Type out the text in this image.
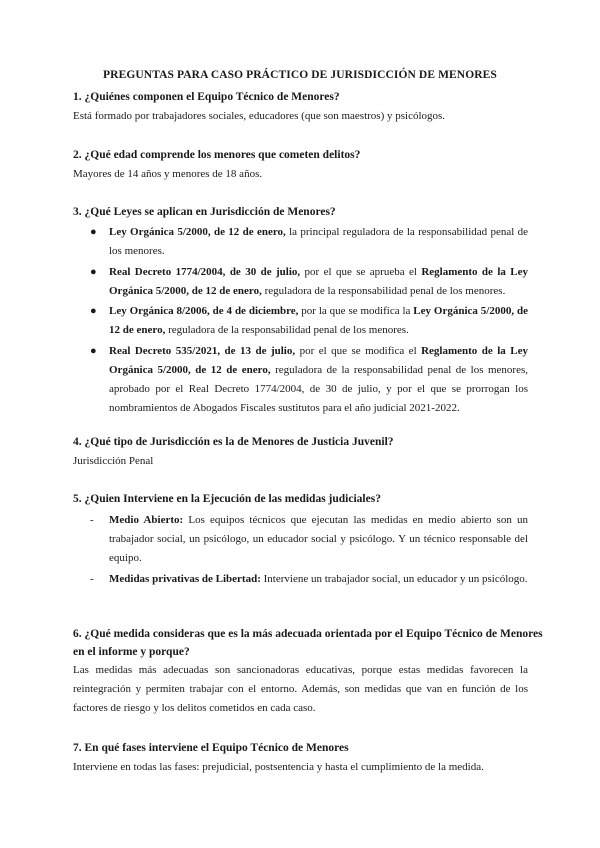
PREGUNTAS PARA CASO PRÁCTICO DE JURISDICCIÓN DE MENORES
1. ¿Quiénes componen el Equipo Técnico de Menores?
Está formado por trabajadores sociales, educadores (que son maestros) y psicólogos.
2. ¿Qué edad comprende los menores que cometen delitos?
Mayores de 14 años y menores de 18 años.
3. ¿Qué Leyes se aplican en Jurisdicción de Menores?
● Ley Orgánica 5/2000, de 12 de enero, la principal reguladora de la responsabilidad penal de los menores.
● Real Decreto 1774/2004, de 30 de julio, por el que se aprueba el Reglamento de la Ley Orgánica 5/2000, de 12 de enero, reguladora de la responsabilidad penal de los menores.
● Ley Orgánica 8/2006, de 4 de diciembre, por la que se modifica la Ley Orgánica 5/2000, de 12 de enero, reguladora de la responsabilidad penal de los menores.
● Real Decreto 535/2021, de 13 de julio, por el que se modifica el Reglamento de la Ley Orgánica 5/2000, de 12 de enero, reguladora de la responsabilidad penal de los menores, aprobado por el Real Decreto 1774/2004, de 30 de julio, y por el que se prorrogan los nombramientos de Abogados Fiscales sustitutos para el año judicial 2021-2022.
4. ¿Qué tipo de Jurisdicción es la de Menores de Justicia Juvenil?
Jurisdicción Penal
5. ¿Quien Interviene en la Ejecución de las medidas judiciales?
- Medio Abierto: Los equipos técnicos que ejecutan las medidas en medio abierto son un trabajador social, un psicólogo, un educador social y psicólogo. Y un técnico responsable del equipo.
- Medidas privativas de Libertad: Interviene un trabajador social, un educador y un psicólogo.
6. ¿Qué medida consideras que es la más adecuada orientada por el Equipo Técnico de Menores
en el informe y porque?
Las medidas más adecuadas son sancionadoras educativas, porque estas medidas favorecen la reintegración y permiten trabajar con el entorno. Además, son medidas que van en función de los factores de riesgo y los delitos cometidos en cada caso.
7. En qué fases interviene el Equipo Técnico de Menores
Interviene en todas las fases: prejudicial, postsentencia y hasta el cumplimiento de la medida.
